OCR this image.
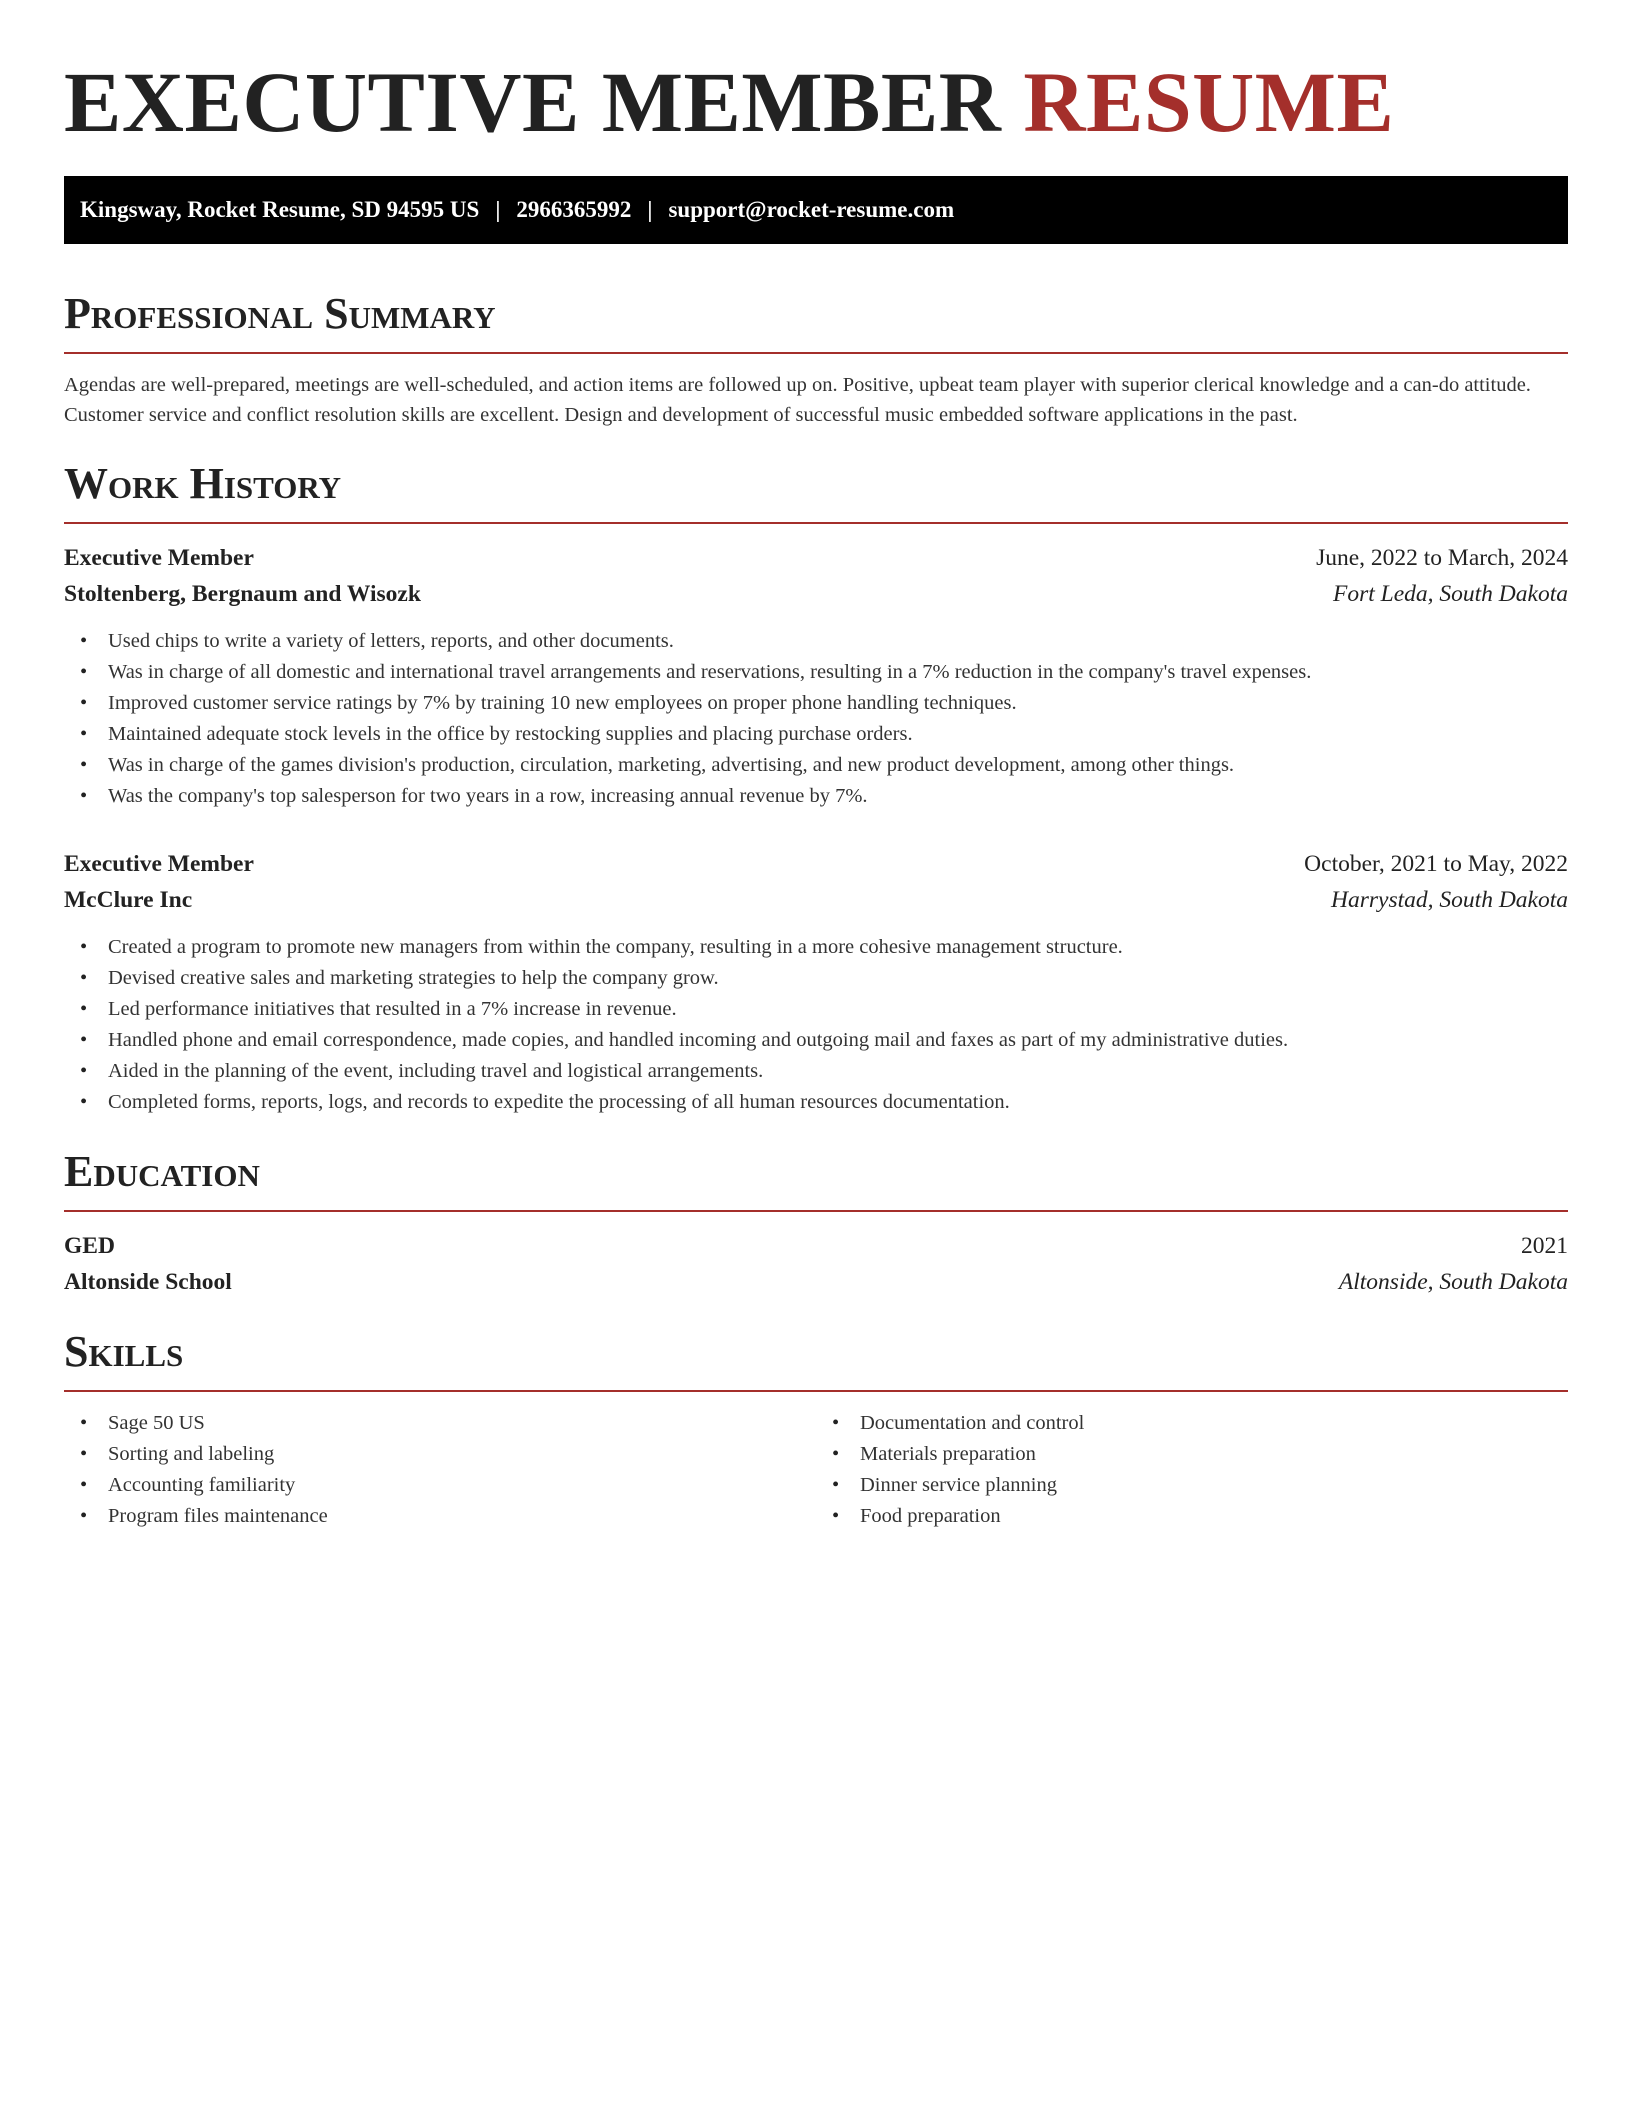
EXECUTIVE MEMBER RESUME
Kingsway, Rocket Resume, SD 94595 US | 2966365992 | support@rocket-resume.com
Professional Summary

Agendas are well-prepared, meetings are well-scheduled, and action items are followed up on. Positive, upbeat team player with superior clerical knowledge and a can-do attitude. Customer service and conflict resolution skills are excellent. Design and development of successful music embedded software applications in the past.

Work History
Executive Member	June, 2022 to March, 2024
Stoltenberg, Bergnaum and Wisozk	Fort Leda, South Dakota
• Used chips to write a variety of letters, reports, and other documents.
• Was in charge of all domestic and international travel arrangements and reservations, resulting in a 7% reduction in the company's travel expenses.
• Improved customer service ratings by 7% by training 10 new employees on proper phone handling techniques.
• Maintained adequate stock levels in the office by restocking supplies and placing purchase orders.
• Was in charge of the games division's production, circulation, marketing, advertising, and new product development, among other things.
• Was the company's top salesperson for two years in a row, increasing annual revenue by 7%.
Executive Member	October, 2021 to May, 2022
McClure Inc	Harrystad, South Dakota
• Created a program to promote new managers from within the company, resulting in a more cohesive management structure.
• Devised creative sales and marketing strategies to help the company grow.
• Led performance initiatives that resulted in a 7% increase in revenue.
• Handled phone and email correspondence, made copies, and handled incoming and outgoing mail and faxes as part of my administrative duties.
• Aided in the planning of the event, including travel and logistical arrangements.
• Completed forms, reports, logs, and records to expedite the processing of all human resources documentation.
Education
GED	2021
Altonside School	Altonside, South Dakota
Skills
• Sage 50 US
• Sorting and labeling
• Accounting familiarity
• Program files maintenance
• Documentation and control
• Materials preparation
• Dinner service planning
• Food preparation
